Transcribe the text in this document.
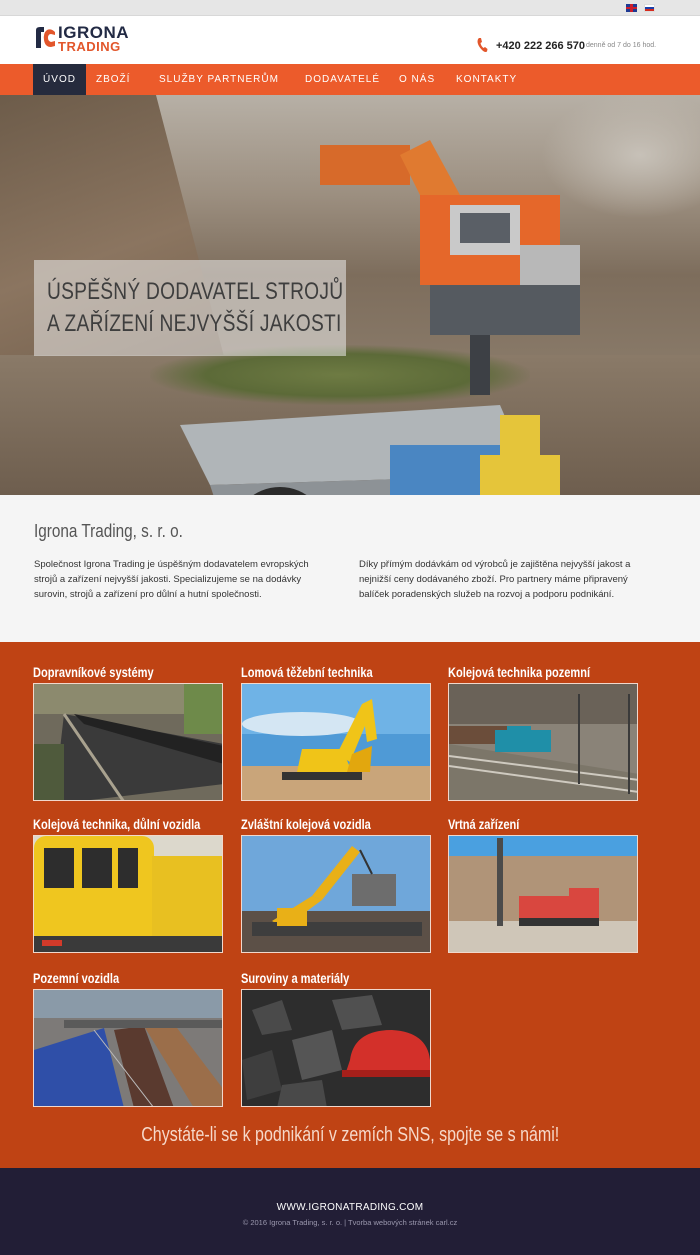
IGRONA
TRADING	+420 222 266 570 denně od 7 do 16 hod.
ÚVOD	ZBOŽÍ	SLUŽBY PARTNERŮM	DODAVATELÉ	O NÁS	KONTAKTY
ÚSPĚŠNÝ DODAVATEL STROJŮ
A ZAŘÍZENÍ NEJVYŠŠÍ JAKOSTI
Igrona Trading, s. r. o.
Společnost Igrona Trading je úspěšným dodavatelem evropských strojů a zařízení nejvyšší jakosti. Specializujeme se na dodávky surovin, strojů a zařízení pro důlní a hutní společnosti.
Díky přímým dodávkám od výrobců je zajištěna nejvyšší jakost a nejnižší ceny dodávaného zboží. Pro partnery máme připravený balíček poradenských služeb na rozvoj a podporu podnikání.
Dopravníkové systémy	Lomová těžební technika	Kolejová technika pozemní
Kolejová technika, důlní vozidla	Zvláštní kolejová vozidla	Vrtná zařízení
Pozemní vozidla	Suroviny a materiály
Chystáte-li se k podnikání v zemích SNS, spojte se s námi!
WWW.IGRONATRADING.COM
© 2016 Igrona Trading, s. r. o. | Tvorba webových stránek carl.cz
